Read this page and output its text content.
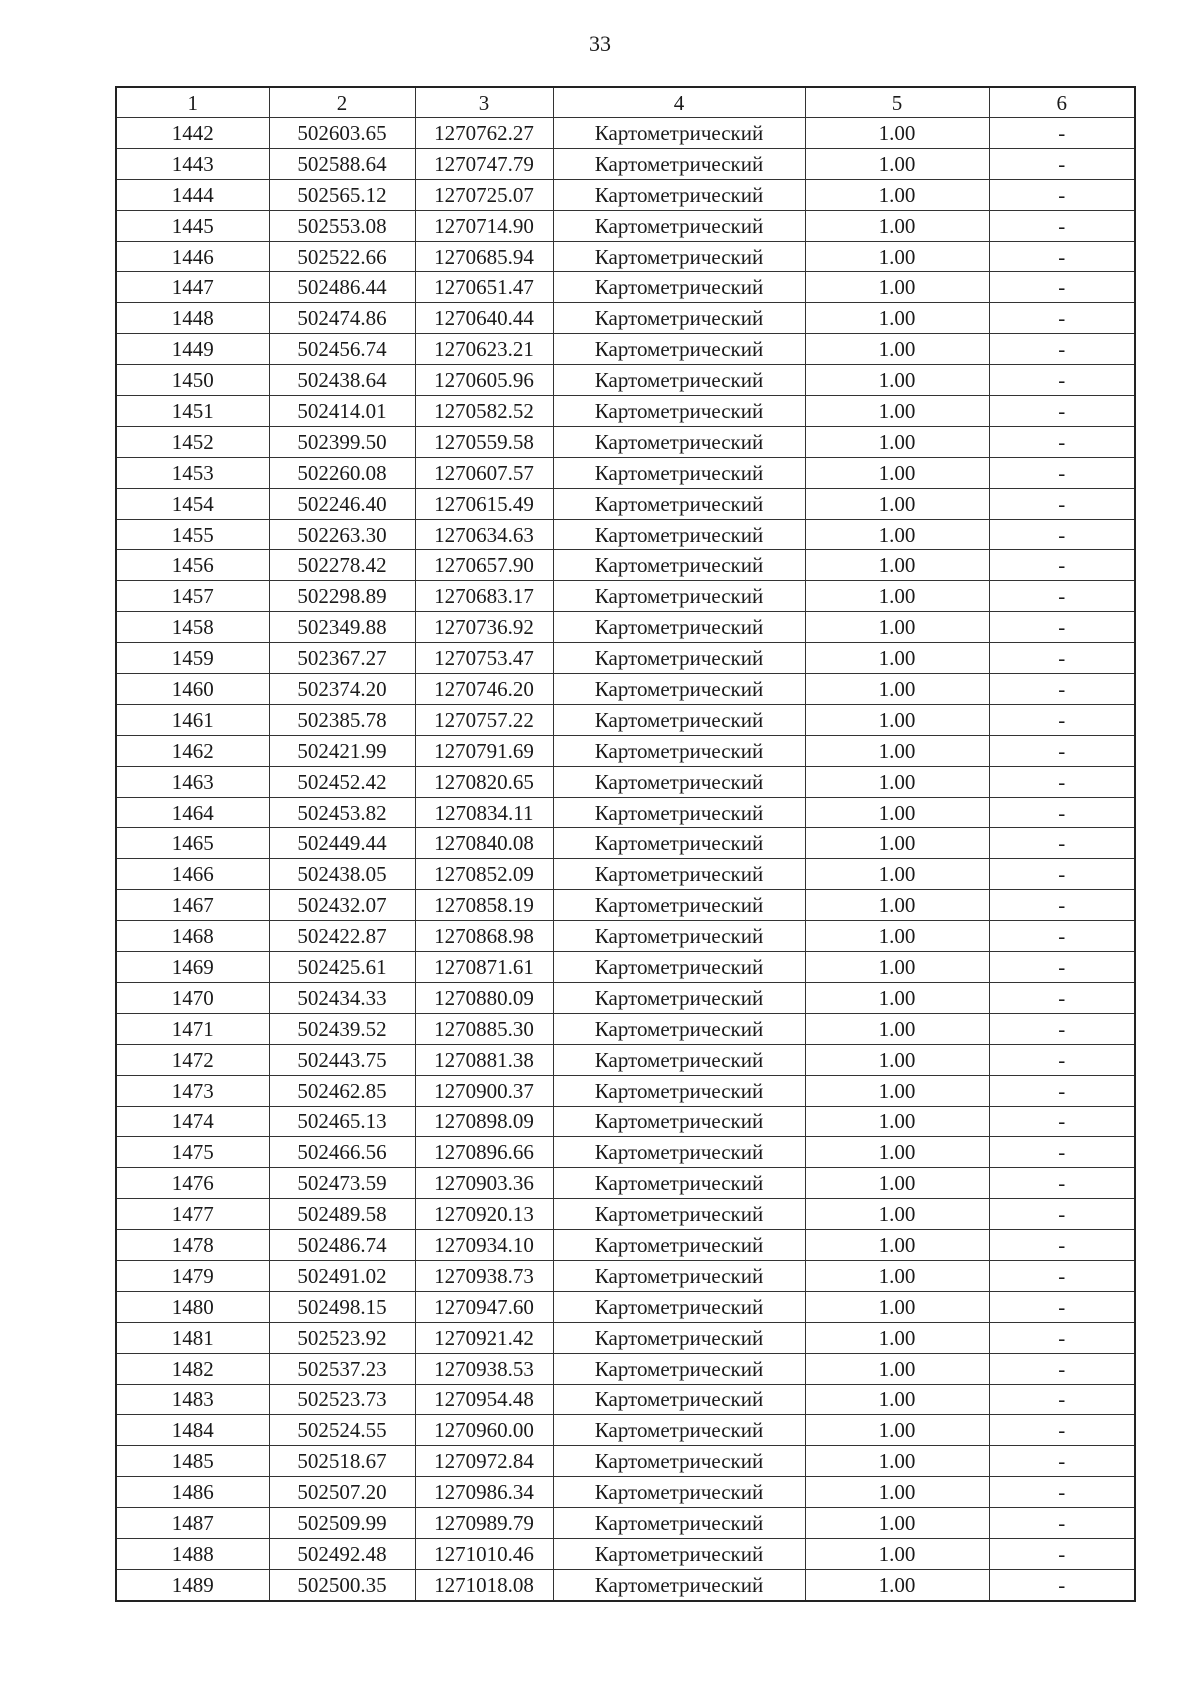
33
1	2	3	4	5	6
1442	502603.65	1270762.27	Картометрический	1.00	-
1443	502588.64	1270747.79	Картометрический	1.00	-
1444	502565.12	1270725.07	Картометрический	1.00	-
1445	502553.08	1270714.90	Картометрический	1.00	-
1446	502522.66	1270685.94	Картометрический	1.00	-
1447	502486.44	1270651.47	Картометрический	1.00	-
1448	502474.86	1270640.44	Картометрический	1.00	-
1449	502456.74	1270623.21	Картометрический	1.00	-
1450	502438.64	1270605.96	Картометрический	1.00	-
1451	502414.01	1270582.52	Картометрический	1.00	-
1452	502399.50	1270559.58	Картометрический	1.00	-
1453	502260.08	1270607.57	Картометрический	1.00	-
1454	502246.40	1270615.49	Картометрический	1.00	-
1455	502263.30	1270634.63	Картометрический	1.00	-
1456	502278.42	1270657.90	Картометрический	1.00	-
1457	502298.89	1270683.17	Картометрический	1.00	-
1458	502349.88	1270736.92	Картометрический	1.00	-
1459	502367.27	1270753.47	Картометрический	1.00	-
1460	502374.20	1270746.20	Картометрический	1.00	-
1461	502385.78	1270757.22	Картометрический	1.00	-
1462	502421.99	1270791.69	Картометрический	1.00	-
1463	502452.42	1270820.65	Картометрический	1.00	-
1464	502453.82	1270834.11	Картометрический	1.00	-
1465	502449.44	1270840.08	Картометрический	1.00	-
1466	502438.05	1270852.09	Картометрический	1.00	-
1467	502432.07	1270858.19	Картометрический	1.00	-
1468	502422.87	1270868.98	Картометрический	1.00	-
1469	502425.61	1270871.61	Картометрический	1.00	-
1470	502434.33	1270880.09	Картометрический	1.00	-
1471	502439.52	1270885.30	Картометрический	1.00	-
1472	502443.75	1270881.38	Картометрический	1.00	-
1473	502462.85	1270900.37	Картометрический	1.00	-
1474	502465.13	1270898.09	Картометрический	1.00	-
1475	502466.56	1270896.66	Картометрический	1.00	-
1476	502473.59	1270903.36	Картометрический	1.00	-
1477	502489.58	1270920.13	Картометрический	1.00	-
1478	502486.74	1270934.10	Картометрический	1.00	-
1479	502491.02	1270938.73	Картометрический	1.00	-
1480	502498.15	1270947.60	Картометрический	1.00	-
1481	502523.92	1270921.42	Картометрический	1.00	-
1482	502537.23	1270938.53	Картометрический	1.00	-
1483	502523.73	1270954.48	Картометрический	1.00	-
1484	502524.55	1270960.00	Картометрический	1.00	-
1485	502518.67	1270972.84	Картометрический	1.00	-
1486	502507.20	1270986.34	Картометрический	1.00	-
1487	502509.99	1270989.79	Картометрический	1.00	-
1488	502492.48	1271010.46	Картометрический	1.00	-
1489	502500.35	1271018.08	Картометрический	1.00	-
